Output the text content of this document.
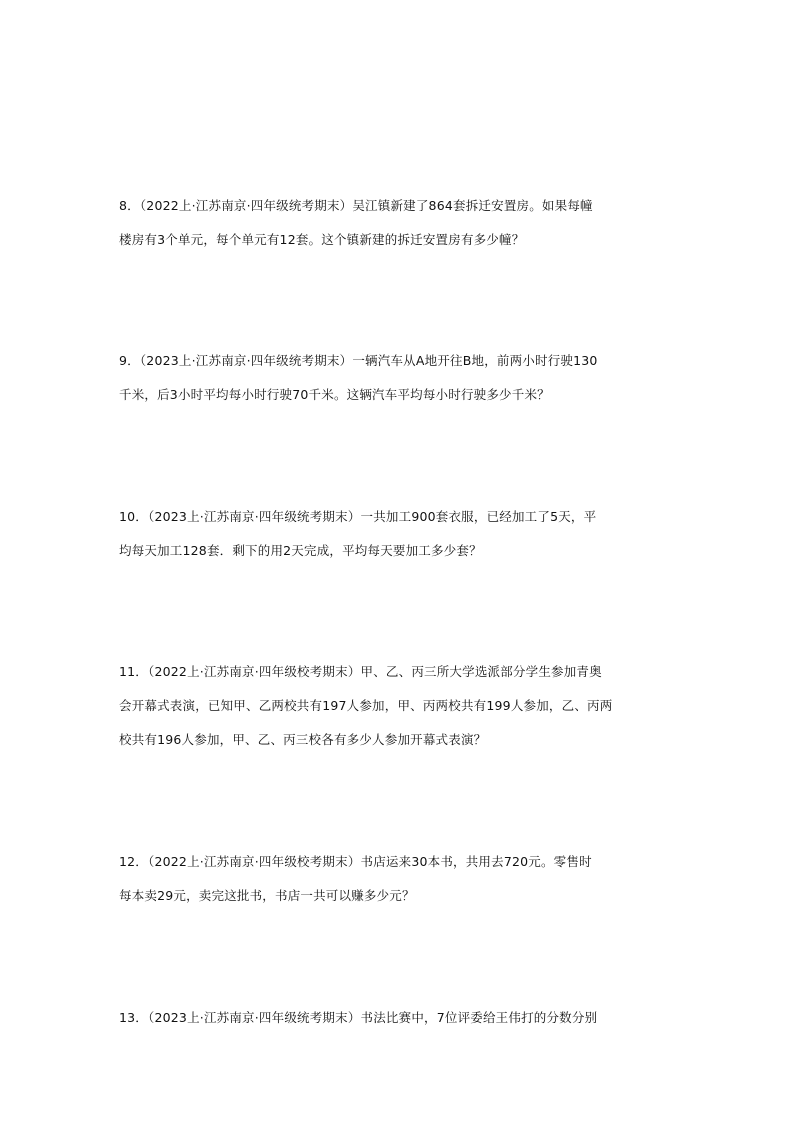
8．（2022上·江苏南京·四年级统考期末）吴江镇新建了864套拆迁安置房。如果每幢
楼房有3个单元，每个单元有12套。这个镇新建的拆迁安置房有多少幢？
9．（2023上·江苏南京·四年级统考期末）一辆汽车从A地开往B地，前两小时行驶130
千米，后3小时平均每小时行驶70千米。这辆汽车平均每小时行驶多少千米？
10．（2023上·江苏南京·四年级统考期末）一共加工900套衣服，已经加工了5天，平
均每天加工128套．剩下的用2天完成，平均每天要加工多少套？
11．（2022上·江苏南京·四年级校考期末）甲、乙、丙三所大学选派部分学生参加青奥
会开幕式表演，已知甲、乙两校共有197人参加，甲、丙两校共有199人参加，乙、丙两
校共有196人参加，甲、乙、丙三校各有多少人参加开幕式表演？
12．（2022上·江苏南京·四年级校考期末）书店运来30本书，共用去720元。零售时
每本卖29元，卖完这批书，书店一共可以赚多少元？
13．（2023上·江苏南京·四年级统考期末）书法比赛中，7位评委给王伟打的分数分别
